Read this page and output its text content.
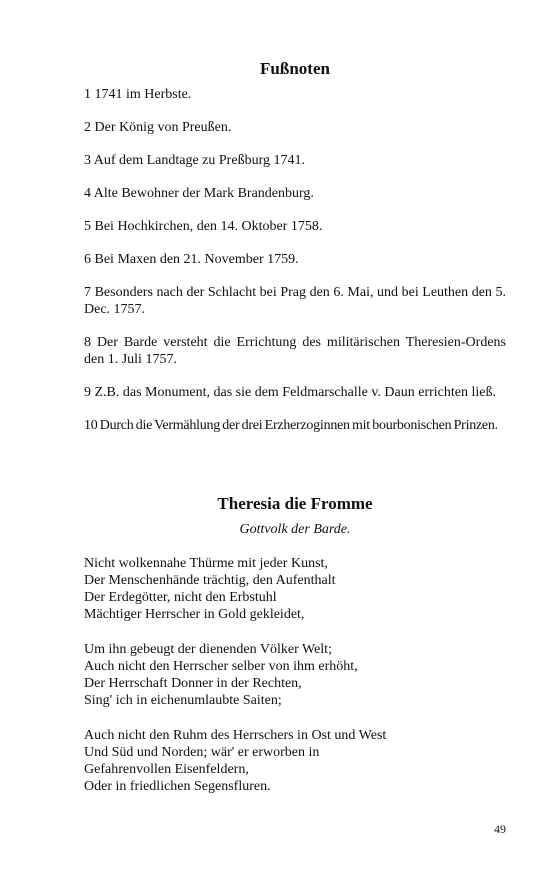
Fußnoten
1 1741 im Herbste.
2 Der König von Preußen.
3 Auf dem Landtage zu Preßburg 1741.
4 Alte Bewohner der Mark Brandenburg.
5 Bei Hochkirchen, den 14. Oktober 1758.
6 Bei Maxen den 21. November 1759.
7 Besonders nach der Schlacht bei Prag den 6. Mai, und bei Leuthen den 5. Dec. 1757.
8 Der Barde versteht die Errichtung des militärischen Theresien-Ordens den 1. Juli 1757.
9 Z.B. das Monument, das sie dem Feldmarschalle v. Daun errichten ließ.
10 Durch die Vermählung der drei Erzherzoginnen mit bourbonischen Prinzen.
Theresia die Fromme

Gottvolk der Barde.

Nicht wolkennahe Thürme mit jeder Kunst,
Der Menschenhände trächtig, den Aufenthalt
Der Erdegötter, nicht den Erbstuhl
Mächtiger Herrscher in Gold gekleidet,
Um ihn gebeugt der dienenden Völker Welt;
Auch nicht den Herrscher selber von ihm erhöht,
Der Herrschaft Donner in der Rechten,
Sing' ich in eichenumlaubte Saiten;
Auch nicht den Ruhm des Herrschers in Ost und West
Und Süd und Norden; wär' er erworben in
Gefahrenvollen Eisenfeldern,
Oder in friedlichen Segensfluren.
49
